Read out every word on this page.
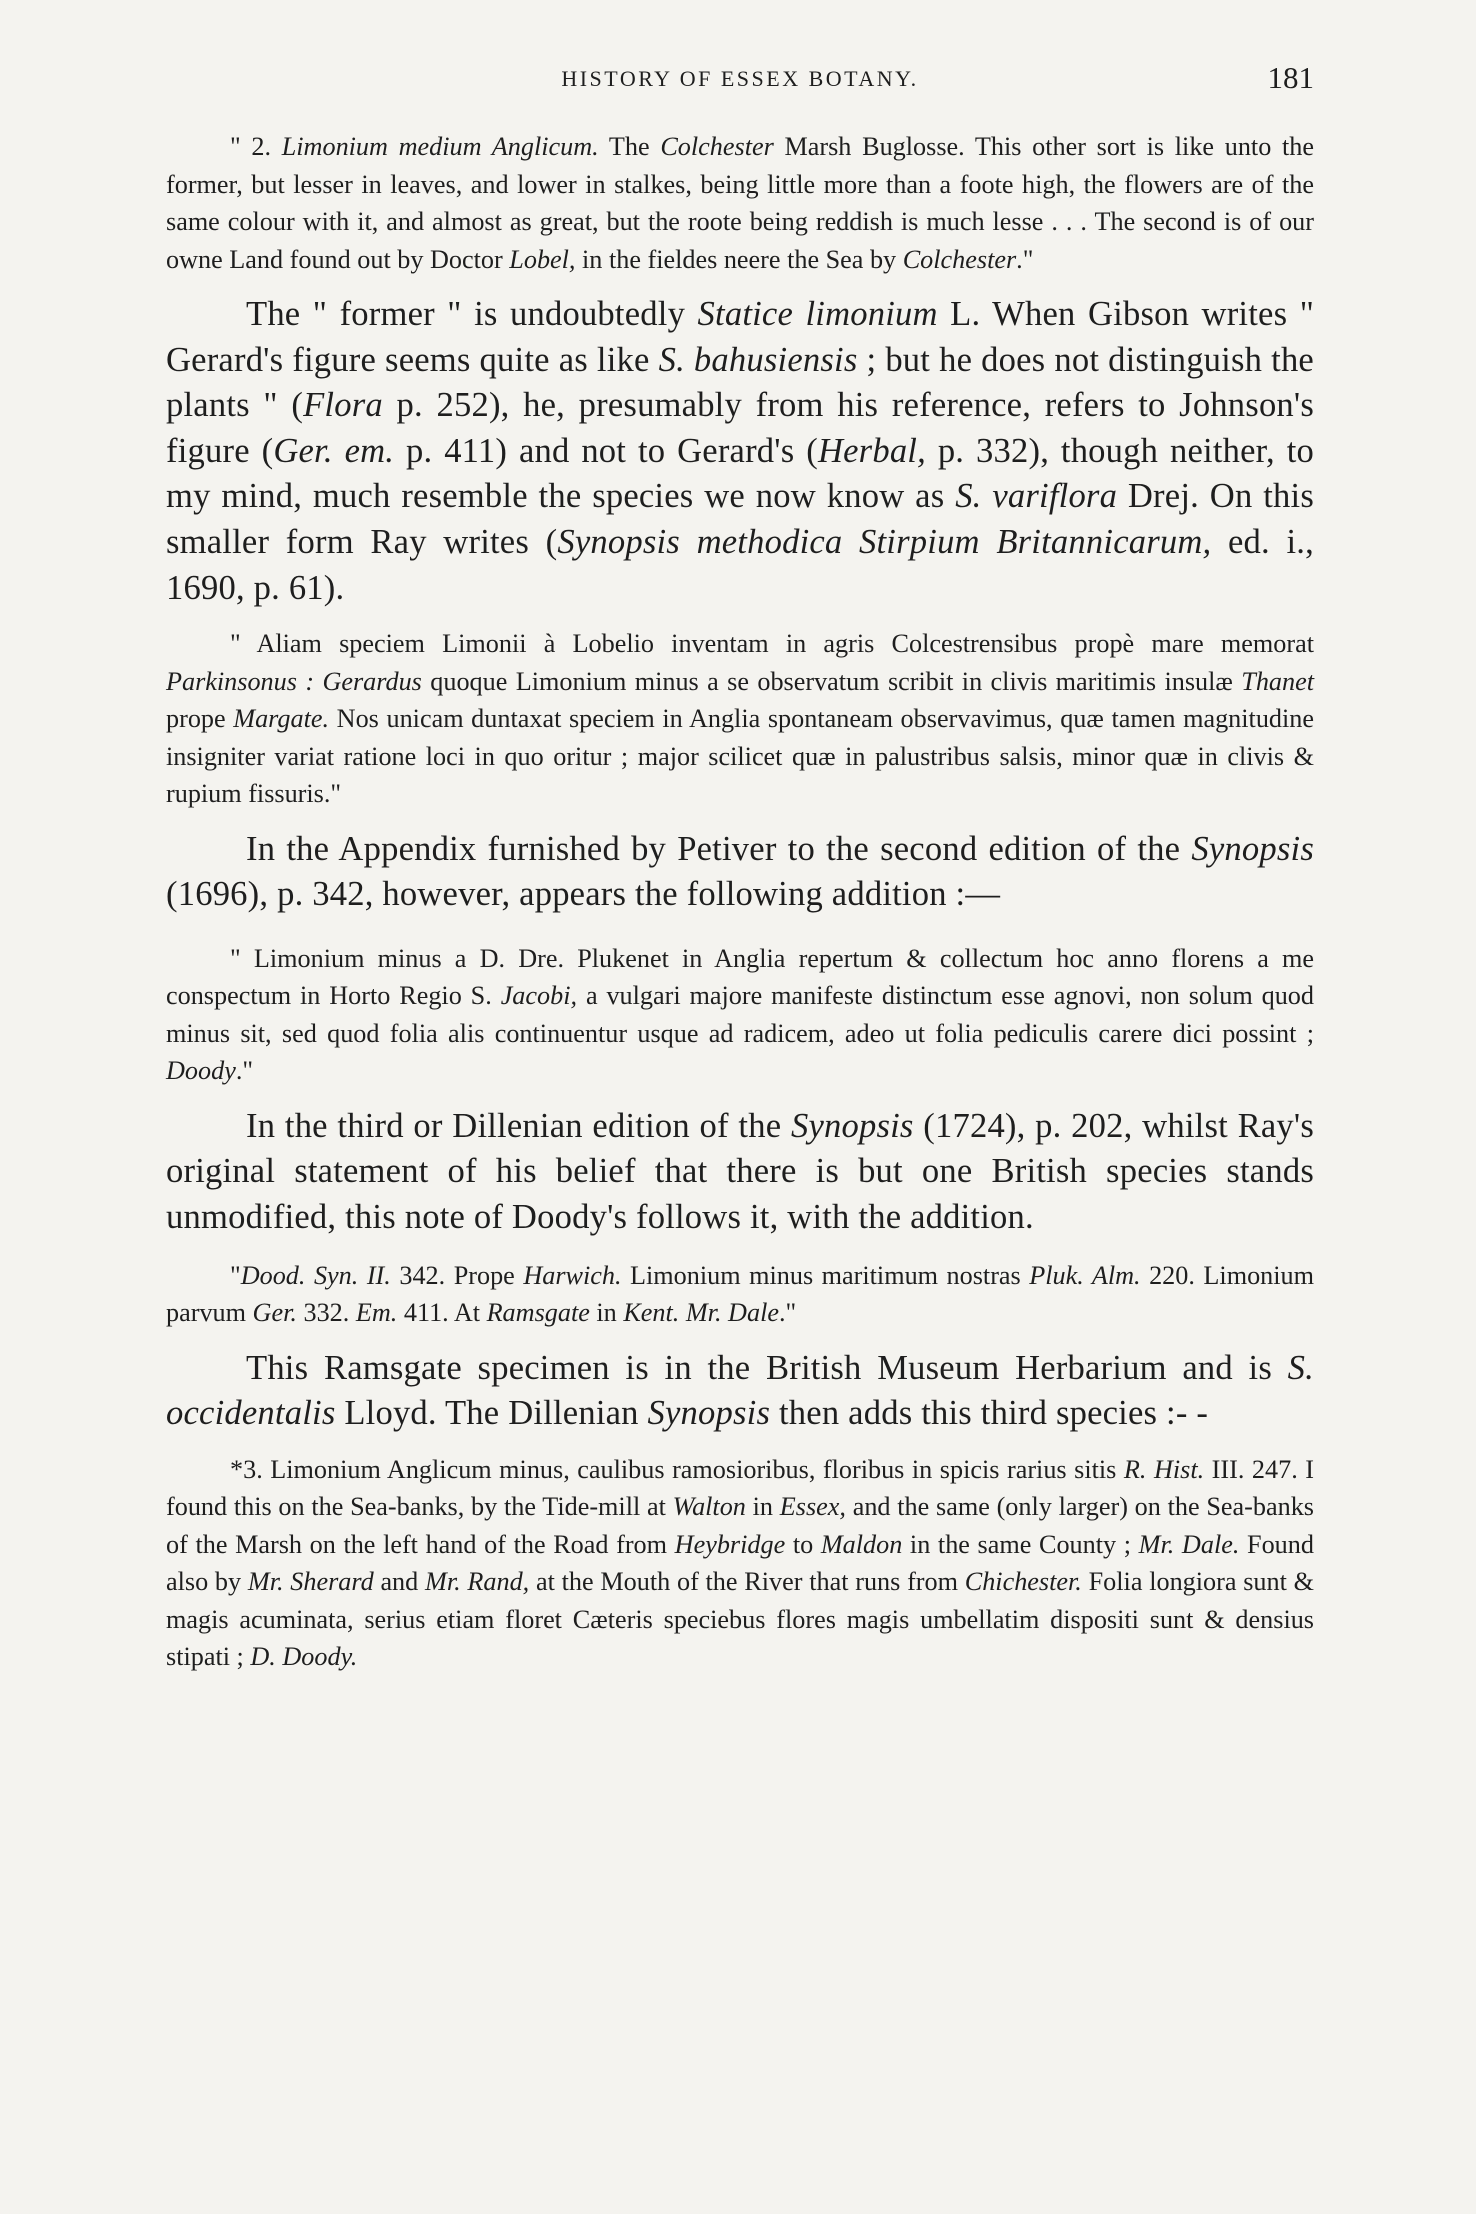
HISTORY OF ESSEX BOTANY.	181

" 2. Limonium medium Anglicum. The Colchester Marsh Buglosse. This other sort is like unto the former, but lesser in leaves, and lower in stalkes, being little more than a foote high, the flowers are of the same colour with it, and almost as great, but the roote being reddish is much lesse . . . The second is of our owne Land found out by Doctor Lobel, in the fieldes neere the Sea by Colchester."

The " former " is undoubtedly Statice limonium L. When Gibson writes " Gerard's figure seems quite as like S. bahusiensis ; but he does not distinguish the plants " (Flora p. 252), he, presumably from his reference, refers to Johnson's figure (Ger. em. p. 411) and not to Gerard's (Herbal, p. 332), though neither, to my mind, much resemble the species we now know as S. variflora Drej. On this smaller form Ray writes (Synopsis methodica Stirpium Britannicarum, ed. i., 1690, p. 61).

" Aliam speciem Limonii à Lobelio inventam in agris Colcestrensibus propè mare memorat Parkinsonus : Gerardus quoque Limonium minus a se observatum scribit in clivis maritimis insulæ Thanet prope Margate. Nos unicam duntaxat speciem in Anglia spontaneam observavimus, quæ tamen magnitudine insigniter variat ratione loci in quo oritur ; major scilicet quæ in palustribus salsis, minor quæ in clivis & rupium fissuris."

In the Appendix furnished by Petiver to the second edition of the Synopsis (1696), p. 342, however, appears the following addition :—

" Limonium minus a D. Dre. Plukenet in Anglia repertum & collectum hoc anno florens a me conspectum in Horto Regio S. Jacobi, a vulgari majore manifeste distinctum esse agnovi, non solum quod minus sit, sed quod folia alis continuentur usque ad radicem, adeo ut folia pediculis carere dici possint ; Doody."

In the third or Dillenian edition of the Synopsis (1724), p. 202, whilst Ray's original statement of his belief that there is but one British species stands unmodified, this note of Doody's follows it, with the addition.

"Dood. Syn. II. 342. Prope Harwich. Limonium minus maritimum nostras Pluk. Alm. 220. Limonium parvum Ger. 332. Em. 411. At Ramsgate in Kent. Mr. Dale."

This Ramsgate specimen is in the British Museum Herbarium and is S. occidentalis Lloyd. The Dillenian Synopsis then adds this third species :- -

*3. Limonium Anglicum minus, caulibus ramosioribus, floribus in spicis rarius sitis R. Hist. III. 247. I found this on the Sea-banks, by the Tide-mill at Walton in Essex, and the same (only larger) on the Sea-banks of the Marsh on the left hand of the Road from Heybridge to Maldon in the same County ; Mr. Dale. Found also by Mr. Sherard and Mr. Rand, at the Mouth of the River that runs from Chichester. Folia longiora sunt & magis acuminata, serius etiam floret Cæteris speciebus flores magis umbellatim dispositi sunt & densius stipati ; D. Doody.
